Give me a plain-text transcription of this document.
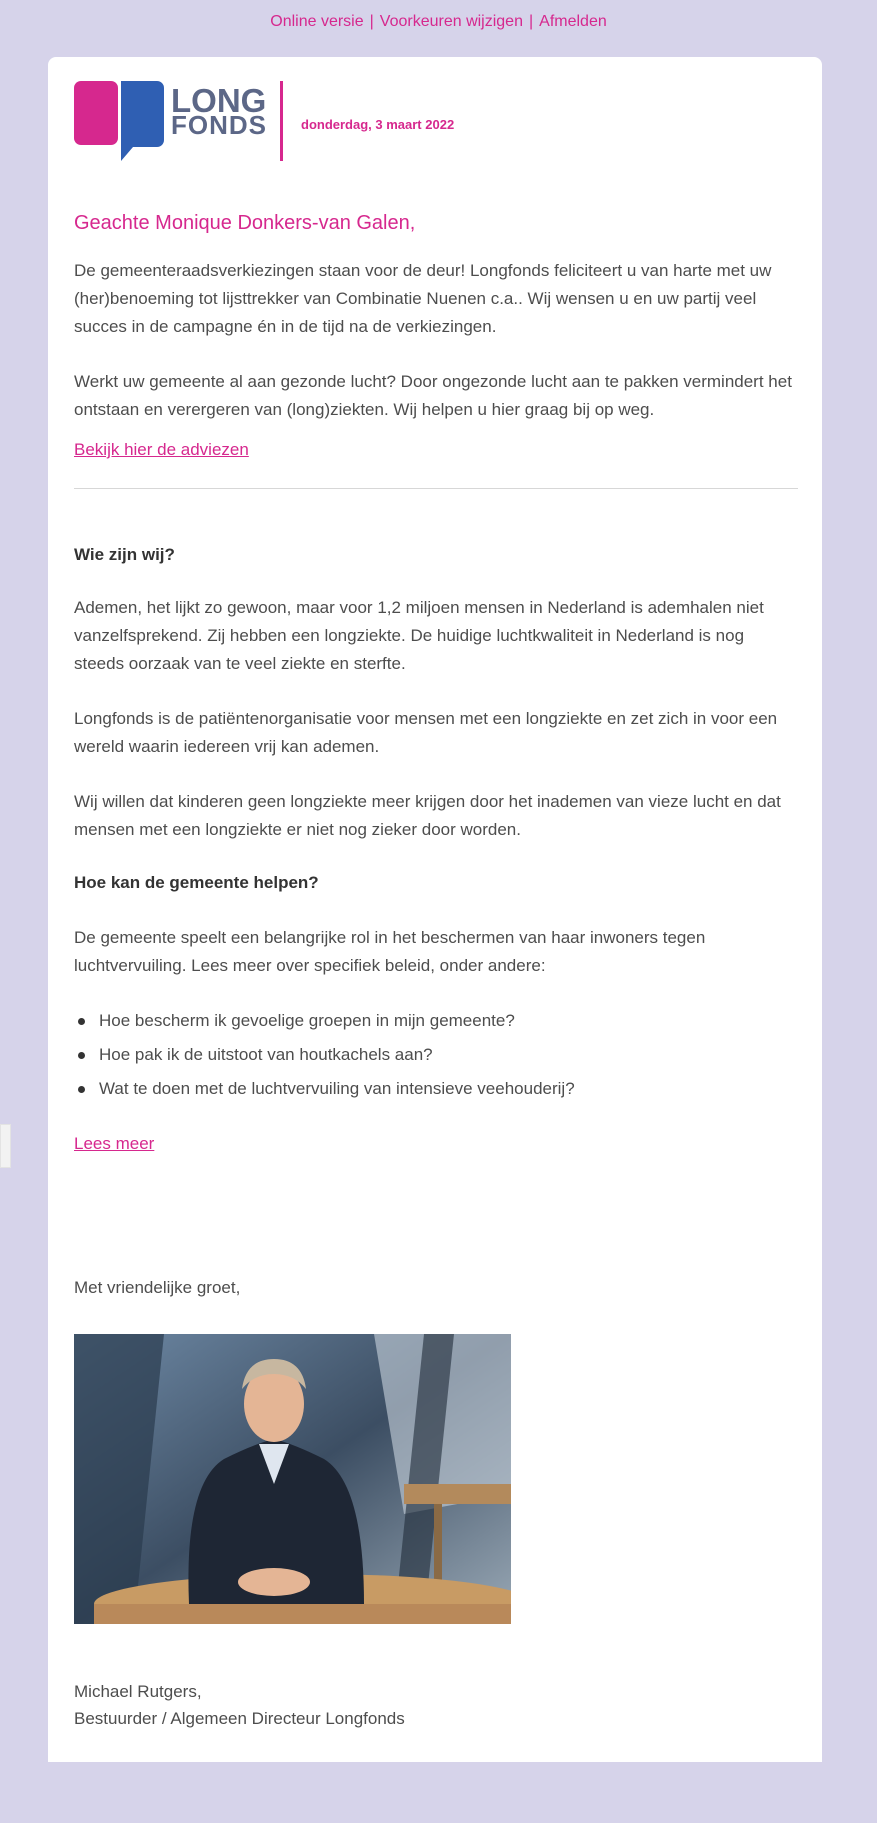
Online versie | Voorkeuren wijzigen | Afmelden
LONG
FONDS	donderdag, 3 maart 2022

Geachte Monique Donkers-van Galen,

De gemeenteraadsverkiezingen staan voor de deur! Longfonds feliciteert u van harte met uw (her)benoeming tot lijsttrekker van Combinatie Nuenen c.a.. Wij wensen u en uw partij veel succes in de campagne én in de tijd na de verkiezingen.

Werkt uw gemeente al aan gezonde lucht? Door ongezonde lucht aan te pakken vermindert het ontstaan en verergeren van (long)ziekten. Wij helpen u hier graag bij op weg.

Bekijk hier de adviezen
Wie zijn wij?

Ademen, het lijkt zo gewoon, maar voor 1,2 miljoen mensen in Nederland is ademhalen niet vanzelfsprekend. Zij hebben een longziekte. De huidige luchtkwaliteit in Nederland is nog steeds oorzaak van te veel ziekte en sterfte.

Longfonds is de patiëntenorganisatie voor mensen met een longziekte en zet zich in voor een wereld waarin iedereen vrij kan ademen.

Wij willen dat kinderen geen longziekte meer krijgen door het inademen van vieze lucht en dat mensen met een longziekte er niet nog zieker door worden.

Hoe kan de gemeente helpen?

De gemeente speelt een belangrijke rol in het beschermen van haar inwoners tegen luchtvervuiling. Lees meer over specifiek beleid, onder andere:

Hoe bescherm ik gevoelige groepen in mijn gemeente?
Hoe pak ik de uitstoot van houtkachels aan?
Wat te doen met de luchtvervuiling van intensieve veehouderij?
Lees meer

Met vriendelijke groet,

Michael Rutgers,

Bestuurder / Algemeen Directeur Longfonds
